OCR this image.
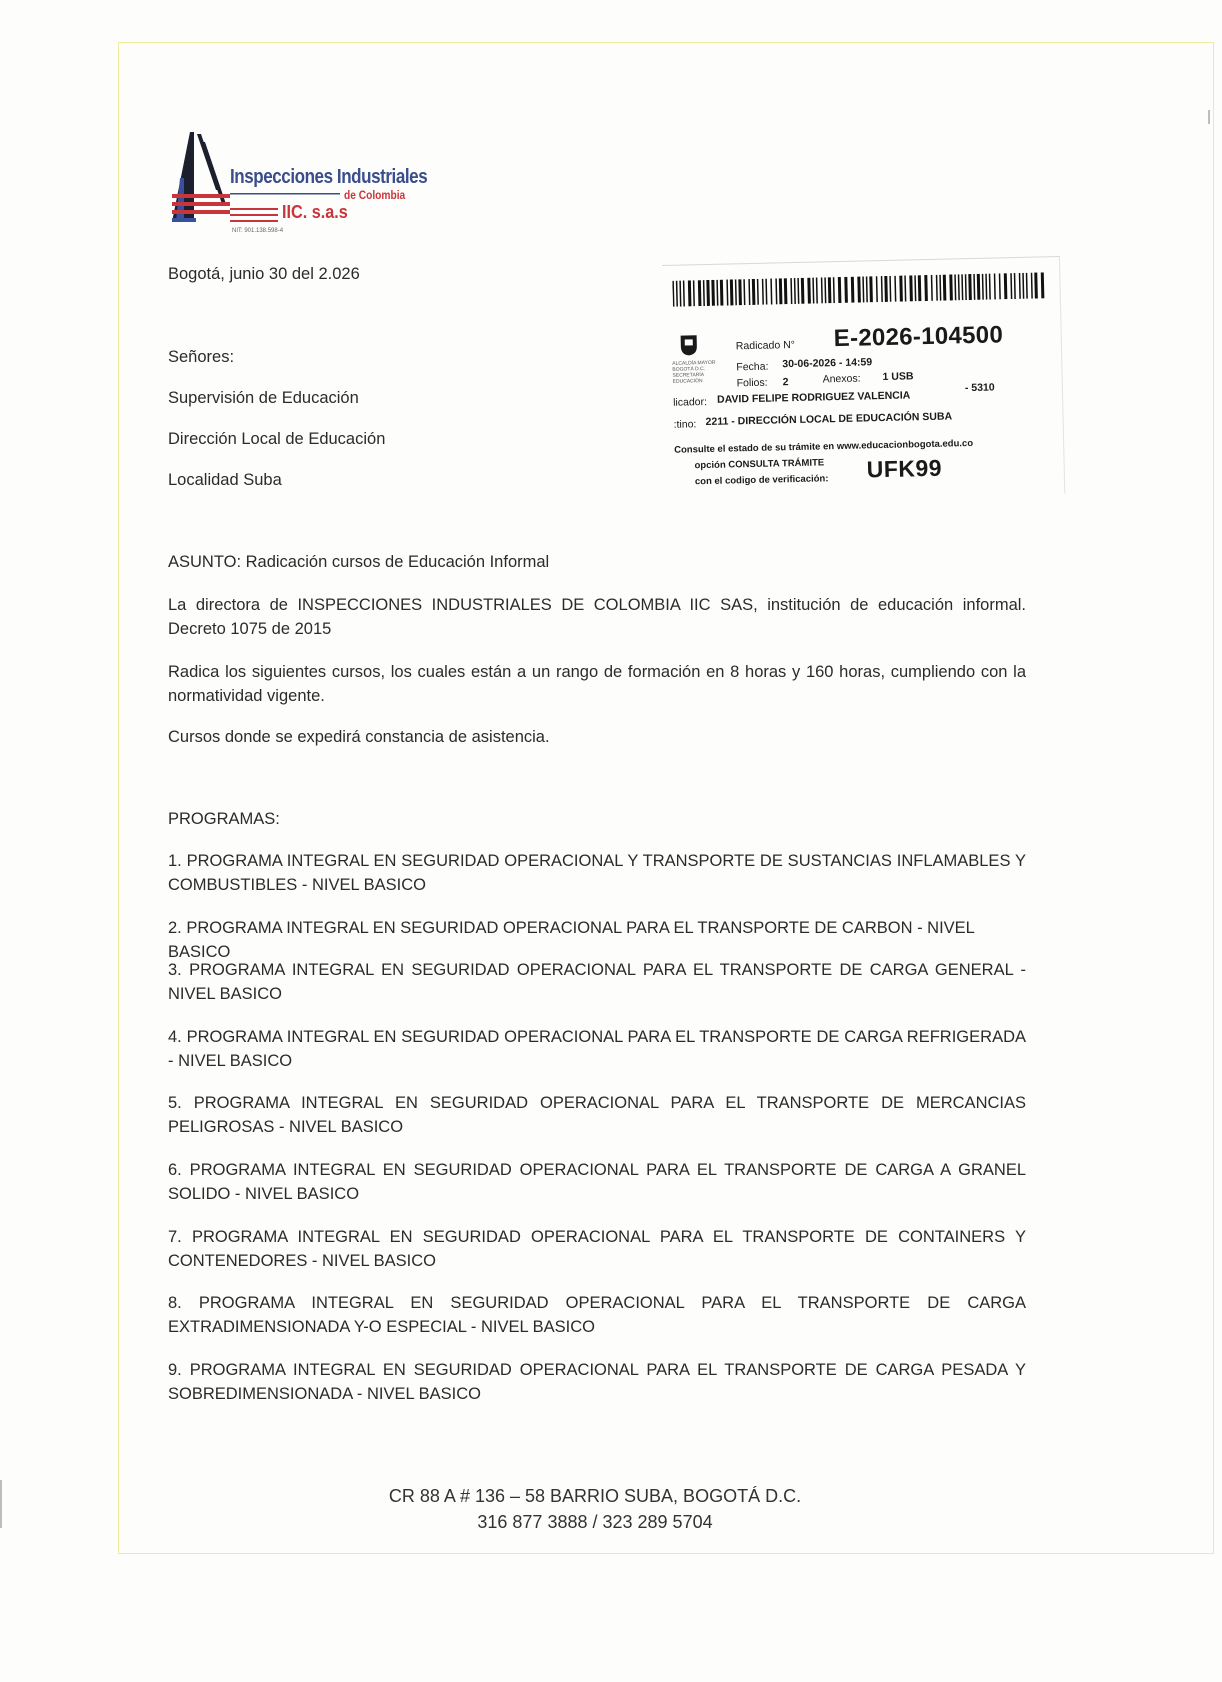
Inspecciones Industriales
de Colombia
IIC. s.a.s
NIT: 901.138.598-4
Bogotá, junio 30 del 2.026
Señores:
Supervisión de Educación
Dirección Local de Educación
Localidad Suba
ALCALDÍA MAYOR
BOGOTÁ D.C.
SECRETARÍA
EDUCACIÓN
Radicado N° E-2026-104500
Fecha: 30-06-2026 - 14:59
Folios: 2	Anexos: 1 USB
licador: DAVID FELIPE RODRIGUEZ VALENCIA
- 5310
:tino: 2211 - DIRECCIÓN LOCAL DE EDUCACIÓN SUBA
Consulte el estado de su trámite en www.educacionbogota.edu.co
opción CONSULTA TRÁMITE
con el codigo de verificación: UFK99
ASUNTO: Radicación cursos de Educación Informal
La directora de INSPECCIONES INDUSTRIALES DE COLOMBIA IIC SAS, institución de educación informal. Decreto 1075 de 2015
Radica los siguientes cursos, los cuales están a un rango de formación en 8 horas y 160 horas, cumpliendo con la normatividad vigente.
Cursos donde se expedirá constancia de asistencia.
PROGRAMAS:
1. PROGRAMA INTEGRAL EN SEGURIDAD OPERACIONAL Y TRANSPORTE DE SUSTANCIAS INFLAMABLES Y COMBUSTIBLES - NIVEL BASICO
2. PROGRAMA INTEGRAL EN SEGURIDAD OPERACIONAL PARA EL TRANSPORTE DE CARBON - NIVEL BASICO
3. PROGRAMA INTEGRAL EN SEGURIDAD OPERACIONAL PARA EL TRANSPORTE DE CARGA GENERAL - NIVEL BASICO
4. PROGRAMA INTEGRAL EN SEGURIDAD OPERACIONAL PARA EL TRANSPORTE DE CARGA REFRIGERADA - NIVEL BASICO
5. PROGRAMA INTEGRAL EN SEGURIDAD OPERACIONAL PARA EL TRANSPORTE DE MERCANCIAS PELIGROSAS - NIVEL BASICO
6. PROGRAMA INTEGRAL EN SEGURIDAD OPERACIONAL PARA EL TRANSPORTE DE CARGA A GRANEL SOLIDO - NIVEL BASICO
7. PROGRAMA INTEGRAL EN SEGURIDAD OPERACIONAL PARA EL TRANSPORTE DE CONTAINERS Y CONTENEDORES - NIVEL BASICO
8. PROGRAMA INTEGRAL EN SEGURIDAD OPERACIONAL PARA EL TRANSPORTE DE CARGA EXTRADIMENSIONADA Y-O ESPECIAL - NIVEL BASICO
9. PROGRAMA INTEGRAL EN SEGURIDAD OPERACIONAL PARA EL TRANSPORTE DE CARGA PESADA Y SOBREDIMENSIONADA - NIVEL BASICO
CR 88 A # 136 – 58 BARRIO SUBA, BOGOTÁ D.C.
316 877 3888 / 323 289 5704
